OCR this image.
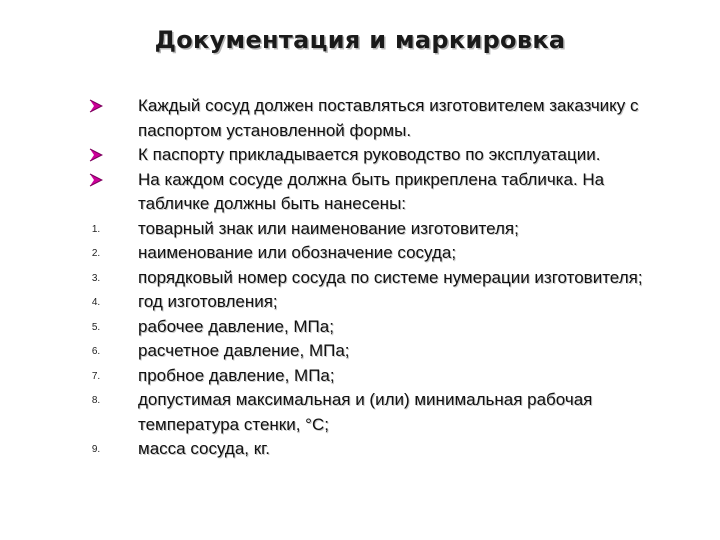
Документация и маркировка
Каждый сосуд должен поставляться изготовителем заказчику с паспортом установленной формы.
К паспорту прикладывается руководство по эксплуатации.
На каждом сосуде должна быть прикреплена табличка. На табличке должны быть нанесены:
1.	товарный знак или наименование изготовителя;
2.	наименование или обозначение сосуда;
3.	порядковый номер сосуда по системе нумерации изготовителя;
4.	год изготовления;
5.	рабочее давление, МПа;
6.	расчетное давление, МПа;
7.	пробное давление, МПа;
8.	допустимая максимальная и (или) минимальная рабочая температура стенки, °С;
9.	масса сосуда, кг.
